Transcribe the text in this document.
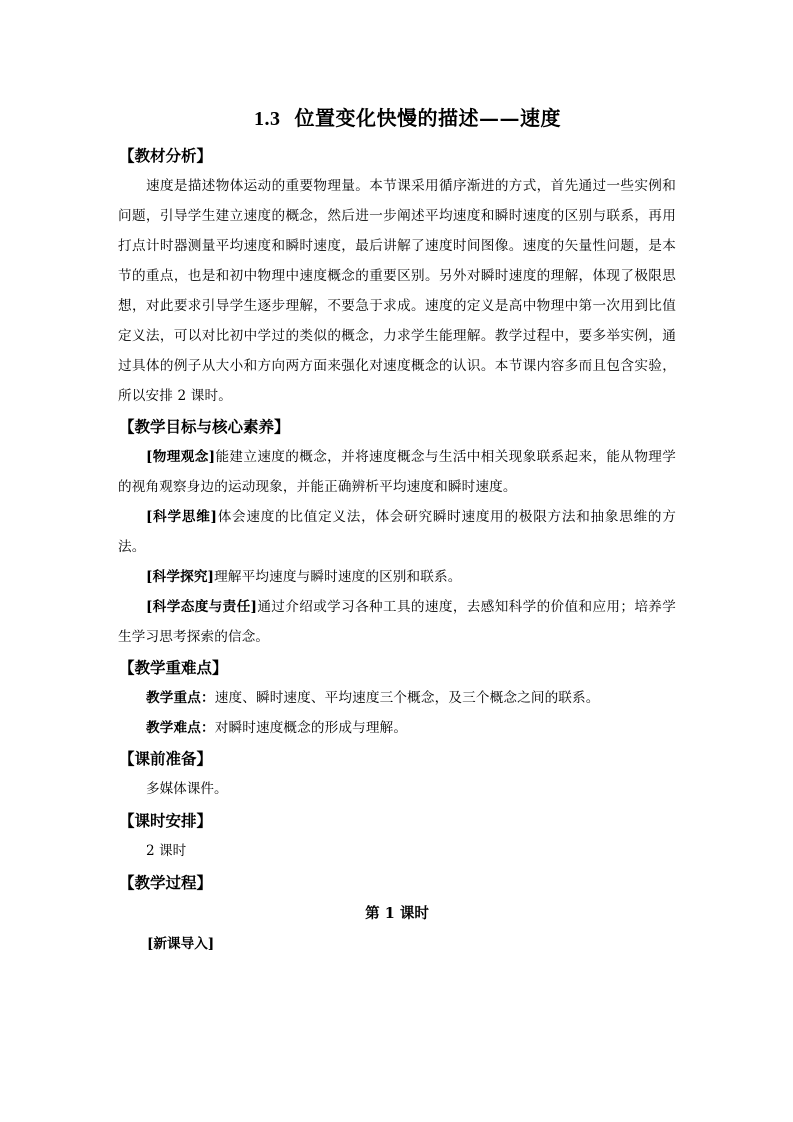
1.3 位置变化快慢的描述——速度
【教材分析】
速度是描述物体运动的重要物理量。本节课采用循序渐进的方式，首先通过一些实例和问题，引导学生建立速度的概念，然后进一步阐述平均速度和瞬时速度的区别与联系，再用打点计时器测量平均速度和瞬时速度，最后讲解了速度时间图像。速度的矢量性问题，是本节的重点，也是和初中物理中速度概念的重要区别。另外对瞬时速度的理解，体现了极限思想，对此要求引导学生逐步理解，不要急于求成。速度的定义是高中物理中第一次用到比值定义法，可以对比初中学过的类似的概念，力求学生能理解。教学过程中，要多举实例，通过具体的例子从大小和方向两方面来强化对速度概念的认识。本节课内容多而且包含实验，所以安排 2 课时。
【教学目标与核心素养】
[物理观念]能建立速度的概念，并将速度概念与生活中相关现象联系起来，能从物理学的视角观察身边的运动现象，并能正确辨析平均速度和瞬时速度。
[科学思维]体会速度的比值定义法，体会研究瞬时速度用的极限方法和抽象思维的方法。
[科学探究]理解平均速度与瞬时速度的区别和联系。
[科学态度与责任]通过介绍或学习各种工具的速度，去感知科学的价值和应用；培养学生学习思考探索的信念。
【教学重难点】
教学重点：速度、瞬时速度、平均速度三个概念，及三个概念之间的联系。
教学难点：对瞬时速度概念的形成与理解。
【课前准备】
多媒体课件。
【课时安排】
2 课时
【教学过程】
第 1 课时
[新课导入]
